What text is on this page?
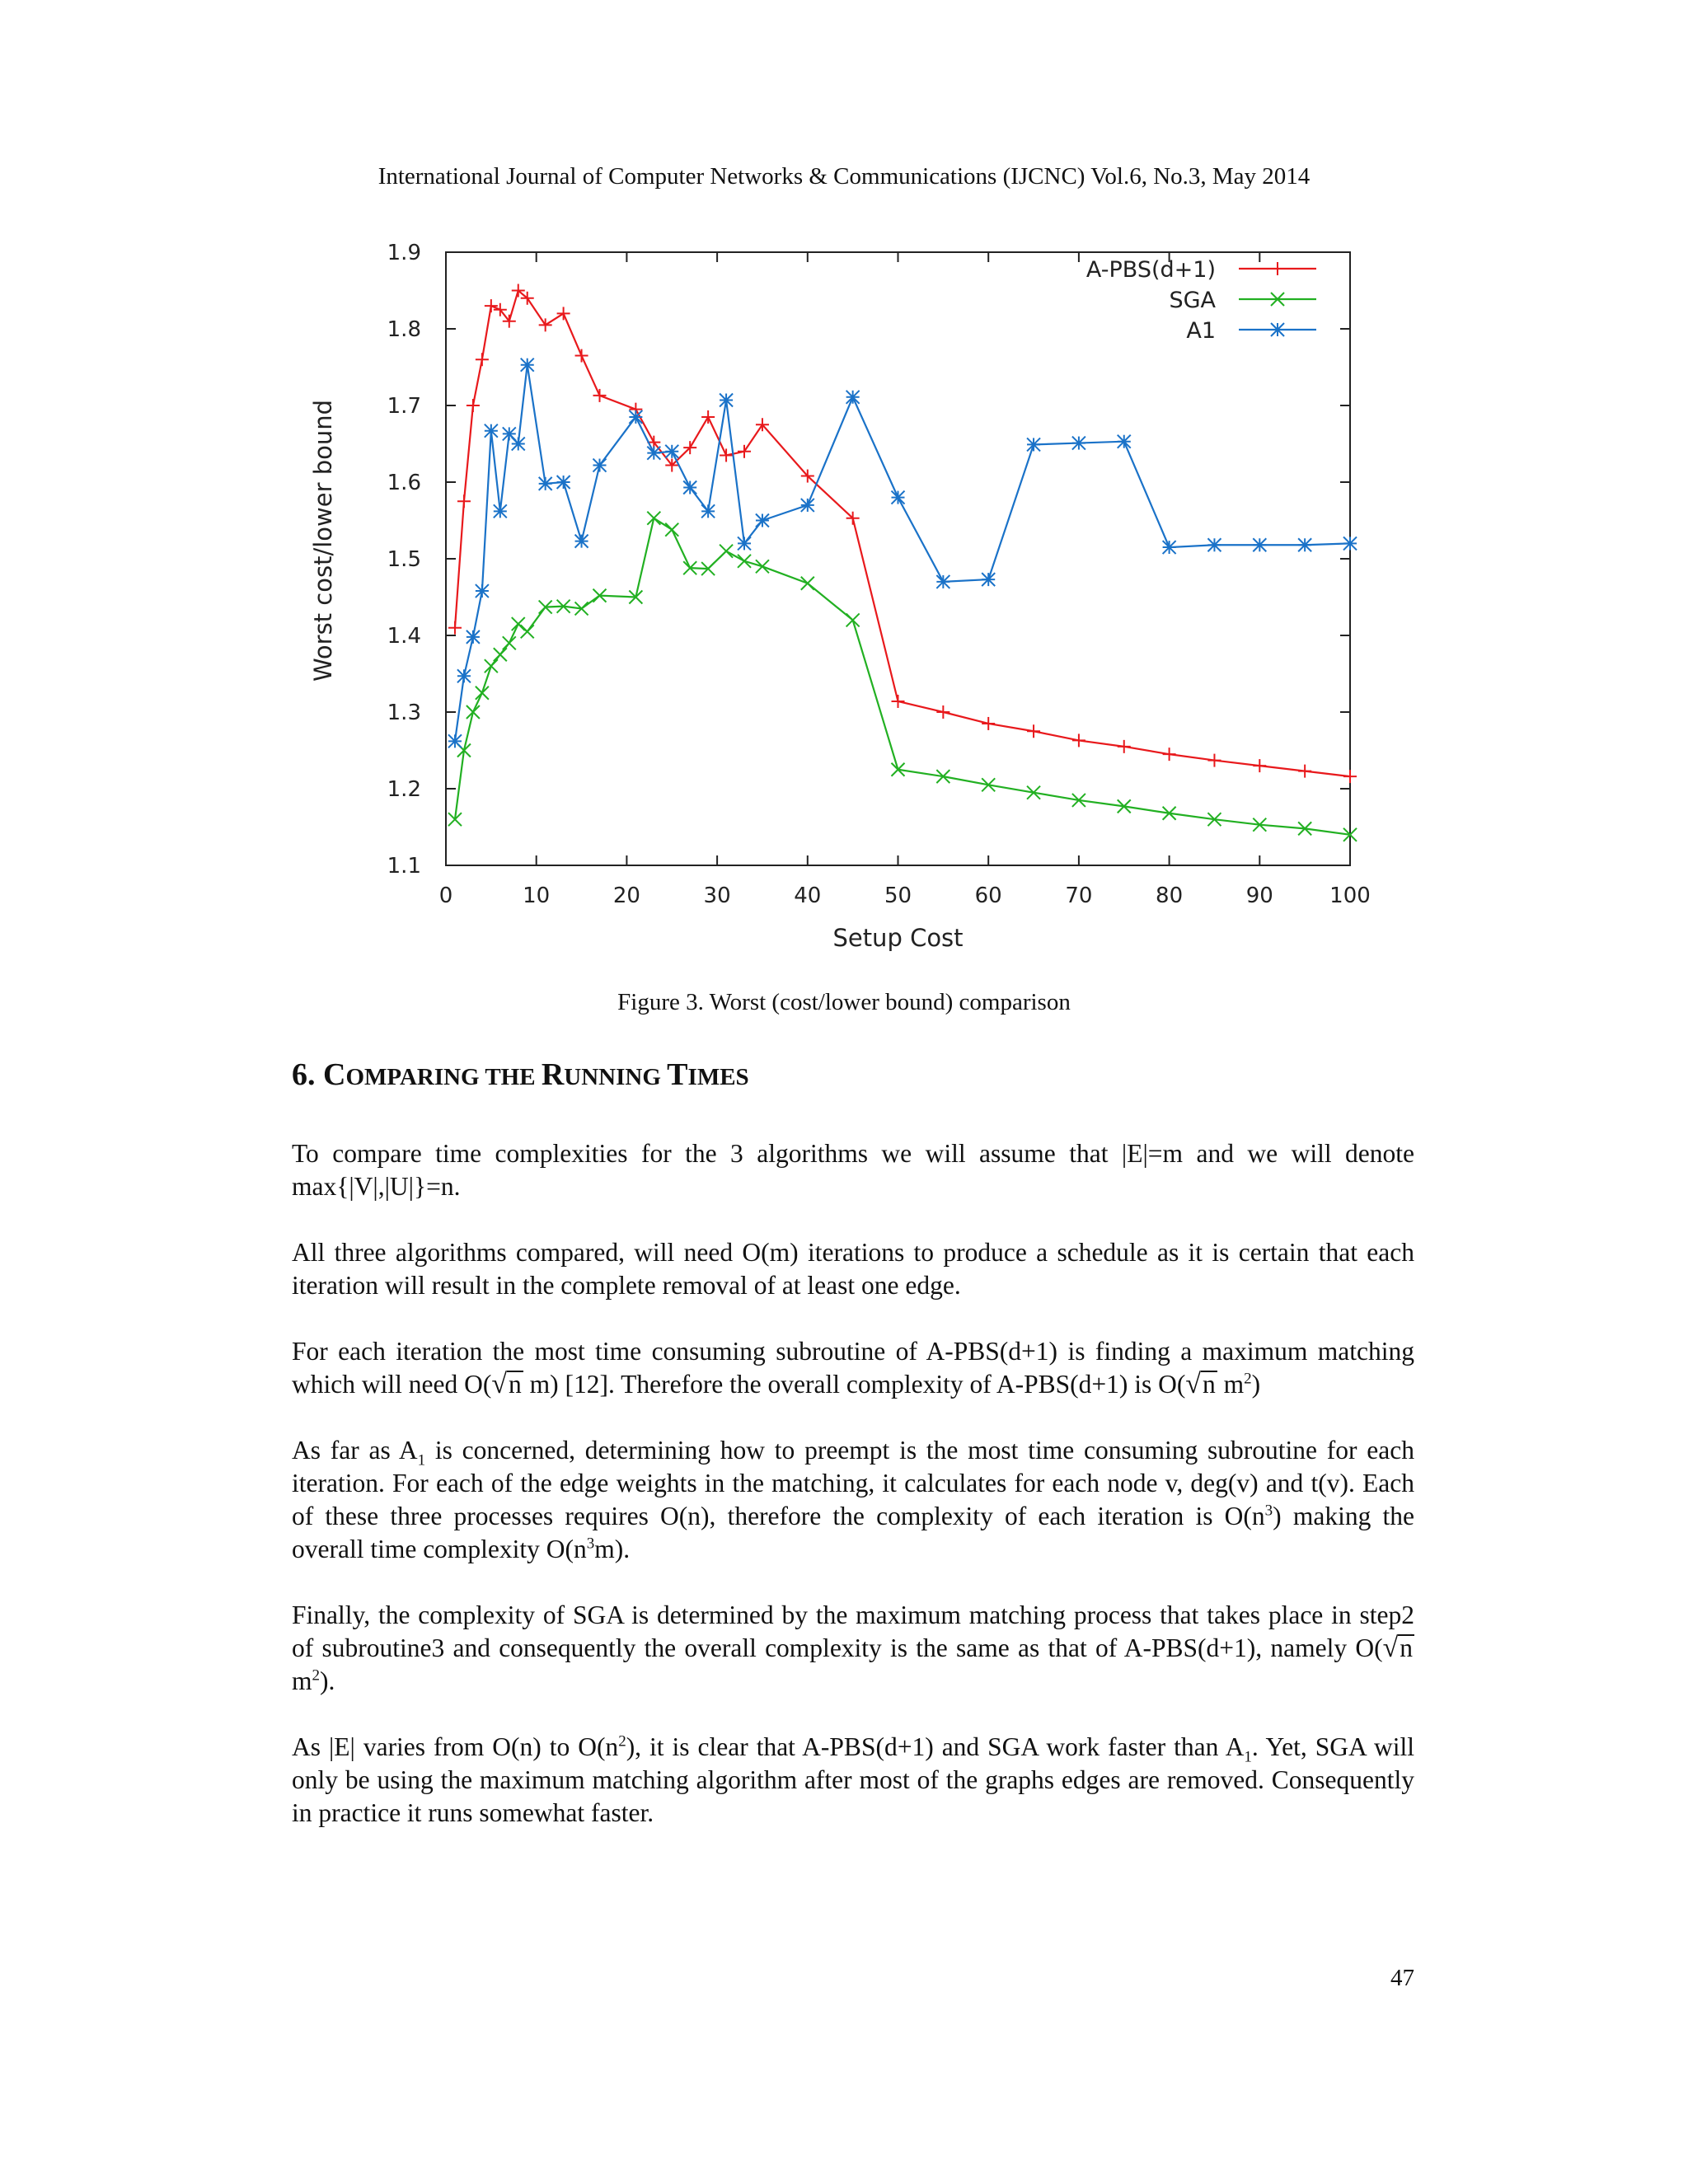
International Journal of Computer Networks & Communications (IJCNC) Vol.6, No.3, May 2014
0	10	20	30	40	50	60	70	80	90	100
1.1
1.2
1.3
1.4
1.5
1.6
1.7
1.8
1.9
A-PBS(d+1)
SGA
A1
Setup Cost
Worst cost/lower bound
Figure 3. Worst (cost/lower bound) comparison
6. COMPARING THE RUNNING TIMES

To compare time complexities for the 3 algorithms we will assume that |E|=m and we will denote max{|V|,|U|}=n.

All three algorithms compared, will need O(m) iterations to produce a schedule as it is certain that each iteration will result in the complete removal of at least one edge.

For each iteration the most time consuming subroutine of A-PBS(d+1) is finding a maximum matching which will need O(√n m) [12]. Therefore the overall complexity of A-PBS(d+1) is O(√n $m^2$)

As far as $A_1$ is concerned, determining how to preempt is the most time consuming subroutine for each iteration. For each of the edge weights in the matching, it calculates for each node v, deg(v) and t(v). Each of these three processes requires O(n), therefore the complexity of each iteration is $O(n^3)$ making the overall time complexity $O(n^3m)$.

Finally, the complexity of SGA is determined by the maximum matching process that takes place in step2 of subroutine3 and consequently the overall complexity is the same as that of A-PBS(d+1), namely O(√n $m^2$).

As |E| varies from O(n) to $O(n^2)$, it is clear that A-PBS(d+1) and SGA work faster than $A_1$. Yet, SGA will only be using the maximum matching algorithm after most of the graphs edges are removed. Consequently in practice it runs somewhat faster.

47
